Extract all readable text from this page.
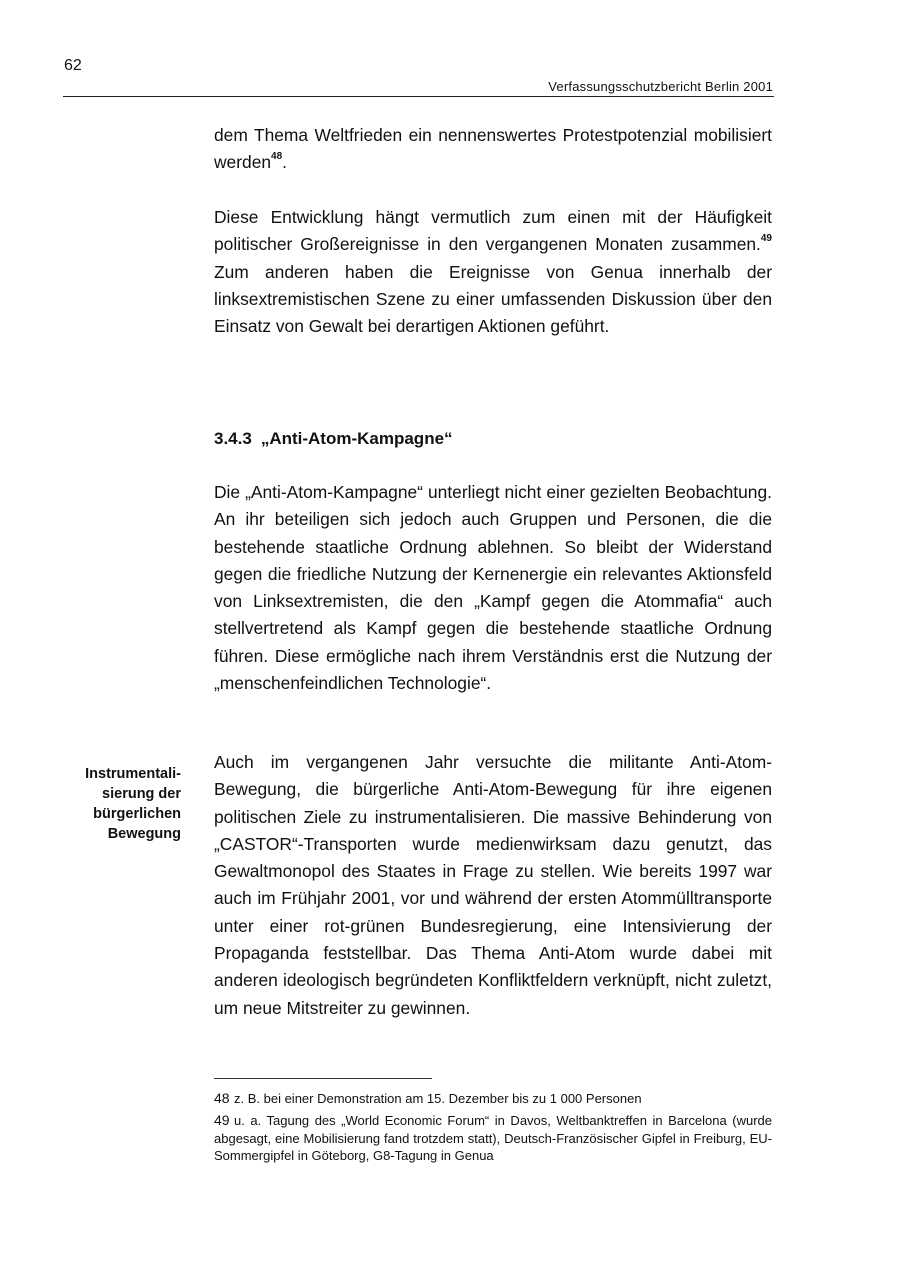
62
Verfassungsschutzbericht Berlin 2001
dem Thema Weltfrieden ein nennenswertes Protestpotenzial mobilisiert werden$^{48}$.
Diese Entwicklung hängt vermutlich zum einen mit der Häufigkeit politischer Großereignisse in den vergangenen Monaten zusammen.$^{49}$ Zum anderen haben die Ereignisse von Genua innerhalb der linksextremistischen Szene zu einer umfassenden Diskussion über den Einsatz von Gewalt bei derartigen Aktionen geführt.
3.4.3 „Anti-Atom-Kampagne“
Die „Anti-Atom-Kampagne“ unterliegt nicht einer gezielten Beobachtung. An ihr beteiligen sich jedoch auch Gruppen und Personen, die die bestehende staatliche Ordnung ablehnen. So bleibt der Widerstand gegen die friedliche Nutzung der Kernenergie ein relevantes Aktionsfeld von Linksextremisten, die den „Kampf gegen die Atommafia“ auch stellvertretend als Kampf gegen die bestehende staatliche Ordnung führen. Diese ermögliche nach ihrem Verständnis erst die Nutzung der „menschenfeindlichen Technologie“.
Instrumentali-
sierung der
bürgerlichen
Bewegung
Auch im vergangenen Jahr versuchte die militante Anti-Atom-Bewegung, die bürgerliche Anti-Atom-Bewegung für ihre eigenen politischen Ziele zu instrumentalisieren. Die massive Behinderung von „CASTOR“-Transporten wurde medienwirksam dazu genutzt, das Gewaltmonopol des Staates in Frage zu stellen. Wie bereits 1997 war auch im Frühjahr 2001, vor und während der ersten Atommülltransporte unter einer rot-grünen Bundesregierung, eine Intensivierung der Propaganda feststellbar. Das Thema Anti-Atom wurde dabei mit anderen ideologisch begründeten Konfliktfeldern verknüpft, nicht zuletzt, um neue Mitstreiter zu gewinnen.
48 z. B. bei einer Demonstration am 15. Dezember bis zu 1 000 Personen
49 u. a. Tagung des „World Economic Forum“ in Davos, Weltbanktreffen in Barcelona (wurde abgesagt, eine Mobilisierung fand trotzdem statt), Deutsch-Französischer Gipfel in Freiburg, EU-Sommergipfel in Göteborg, G8-Tagung in Genua
